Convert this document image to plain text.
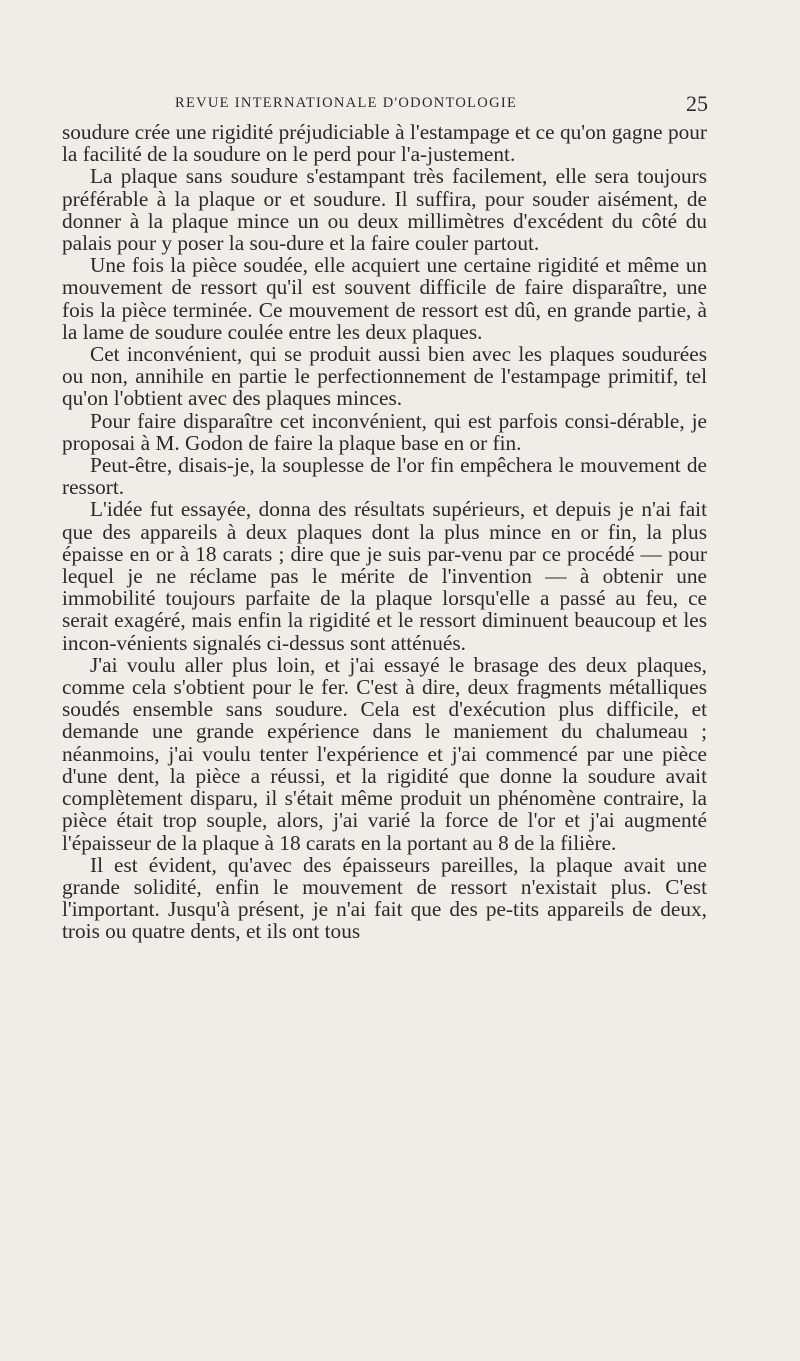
REVUE INTERNATIONALE D'ODONTOLOGIE	25

soudure crée une rigidité préjudiciable à l'estampage et ce qu'on gagne pour la facilité de la soudure on le perd pour l'a-justement.

La plaque sans soudure s'estampant très facilement, elle sera toujours préférable à la plaque or et soudure. Il suffira, pour souder aisément, de donner à la plaque mince un ou deux millimètres d'excédent du côté du palais pour y poser la sou-dure et la faire couler partout.

Une fois la pièce soudée, elle acquiert une certaine rigidité et même un mouvement de ressort qu'il est souvent difficile de faire disparaître, une fois la pièce terminée. Ce mouvement de ressort est dû, en grande partie, à la lame de soudure coulée entre les deux plaques.

Cet inconvénient, qui se produit aussi bien avec les plaques soudurées ou non, annihile en partie le perfectionnement de l'estampage primitif, tel qu'on l'obtient avec des plaques minces.

Pour faire disparaître cet inconvénient, qui est parfois consi-dérable, je proposai à M. Godon de faire la plaque base en or fin.

Peut-être, disais-je, la souplesse de l'or fin empêchera le mouvement de ressort.

L'idée fut essayée, donna des résultats supérieurs, et depuis je n'ai fait que des appareils à deux plaques dont la plus mince en or fin, la plus épaisse en or à 18 carats ; dire que je suis par-venu par ce procédé — pour lequel je ne réclame pas le mérite de l'invention — à obtenir une immobilité toujours parfaite de la plaque lorsqu'elle a passé au feu, ce serait exagéré, mais enfin la rigidité et le ressort diminuent beaucoup et les incon-vénients signalés ci-dessus sont atténués.

J'ai voulu aller plus loin, et j'ai essayé le brasage des deux plaques, comme cela s'obtient pour le fer. C'est à dire, deux fragments métalliques soudés ensemble sans soudure. Cela est d'exécution plus difficile, et demande une grande expérience dans le maniement du chalumeau ; néanmoins, j'ai voulu tenter l'expérience et j'ai commencé par une pièce d'une dent, la pièce a réussi, et la rigidité que donne la soudure avait complètement disparu, il s'était même produit un phénomène contraire, la pièce était trop souple, alors, j'ai varié la force de l'or et j'ai augmenté l'épaisseur de la plaque à 18 carats en la portant au 8 de la filière.

Il est évident, qu'avec des épaisseurs pareilles, la plaque avait une grande solidité, enfin le mouvement de ressort n'existait plus. C'est l'important. Jusqu'à présent, je n'ai fait que des pe-tits appareils de deux, trois ou quatre dents, et ils ont tous
